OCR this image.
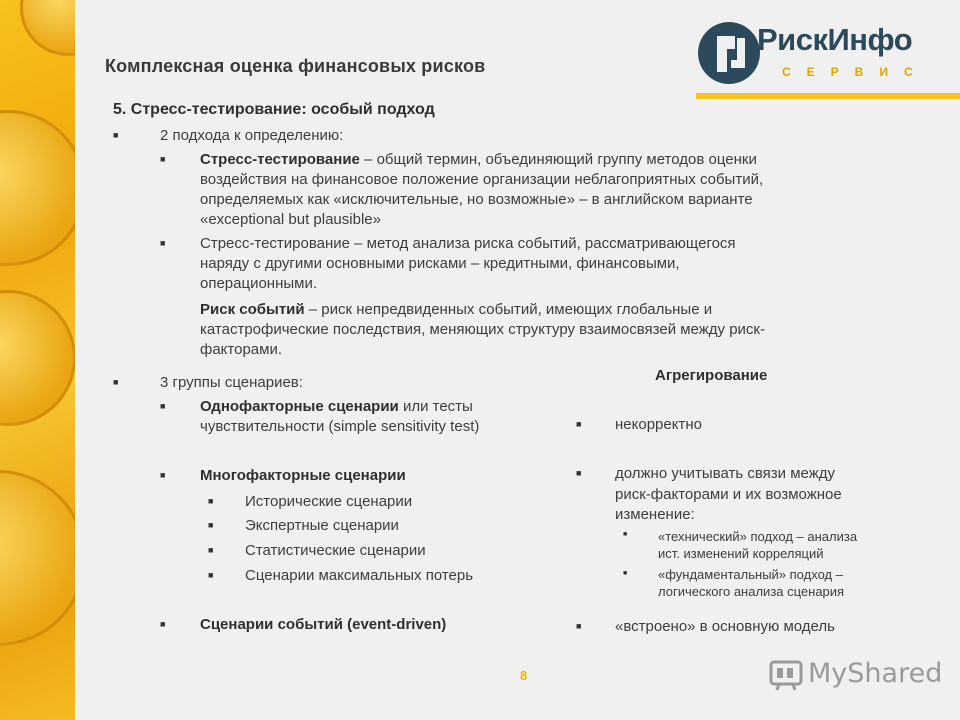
Комплексная оценка финансовых рисков
РискИнфо
СЕРВИС
5. Стресс-тестирование: особый подход
■	2 подхода к определению:
■ Стресс-тестирование – общий термин, объединяющий группу методов оценки
воздействия на финансовое положение организации неблагоприятных событий,
определяемых как «исключительные, но возможные» – в английском варианте
«exceptional but plausible»
■ Стресс-тестирование – метод анализа риска событий, рассматривающегося
наряду с другими основными рисками – кредитными, финансовыми,
операционными.
Риск событий – риск непредвиденных событий, имеющих глобальные и
катастрофические последствия, меняющих структуру взаимосвязей между риск-
факторами.
■	3 группы сценариев:
■ Однофакторные сценарии или тесты
чувствительности (simple sensitivity test)
■ Многофакторные сценарии
■ Исторические сценарии
■ Экспертные сценарии
■ Статистические сценарии
■ Сценарии максимальных потерь
■ Сценарии событий (event-driven)
Агрегирование
■ некорректно
■ должно учитывать связи между
риск-факторами и их возможное
изменение:
■ «технический» подход – анализа
ист. изменений корреляций
■ «фундаментальный» подход –
логического анализа сценария
■ «встроено» в основную модель
8	MyShared
